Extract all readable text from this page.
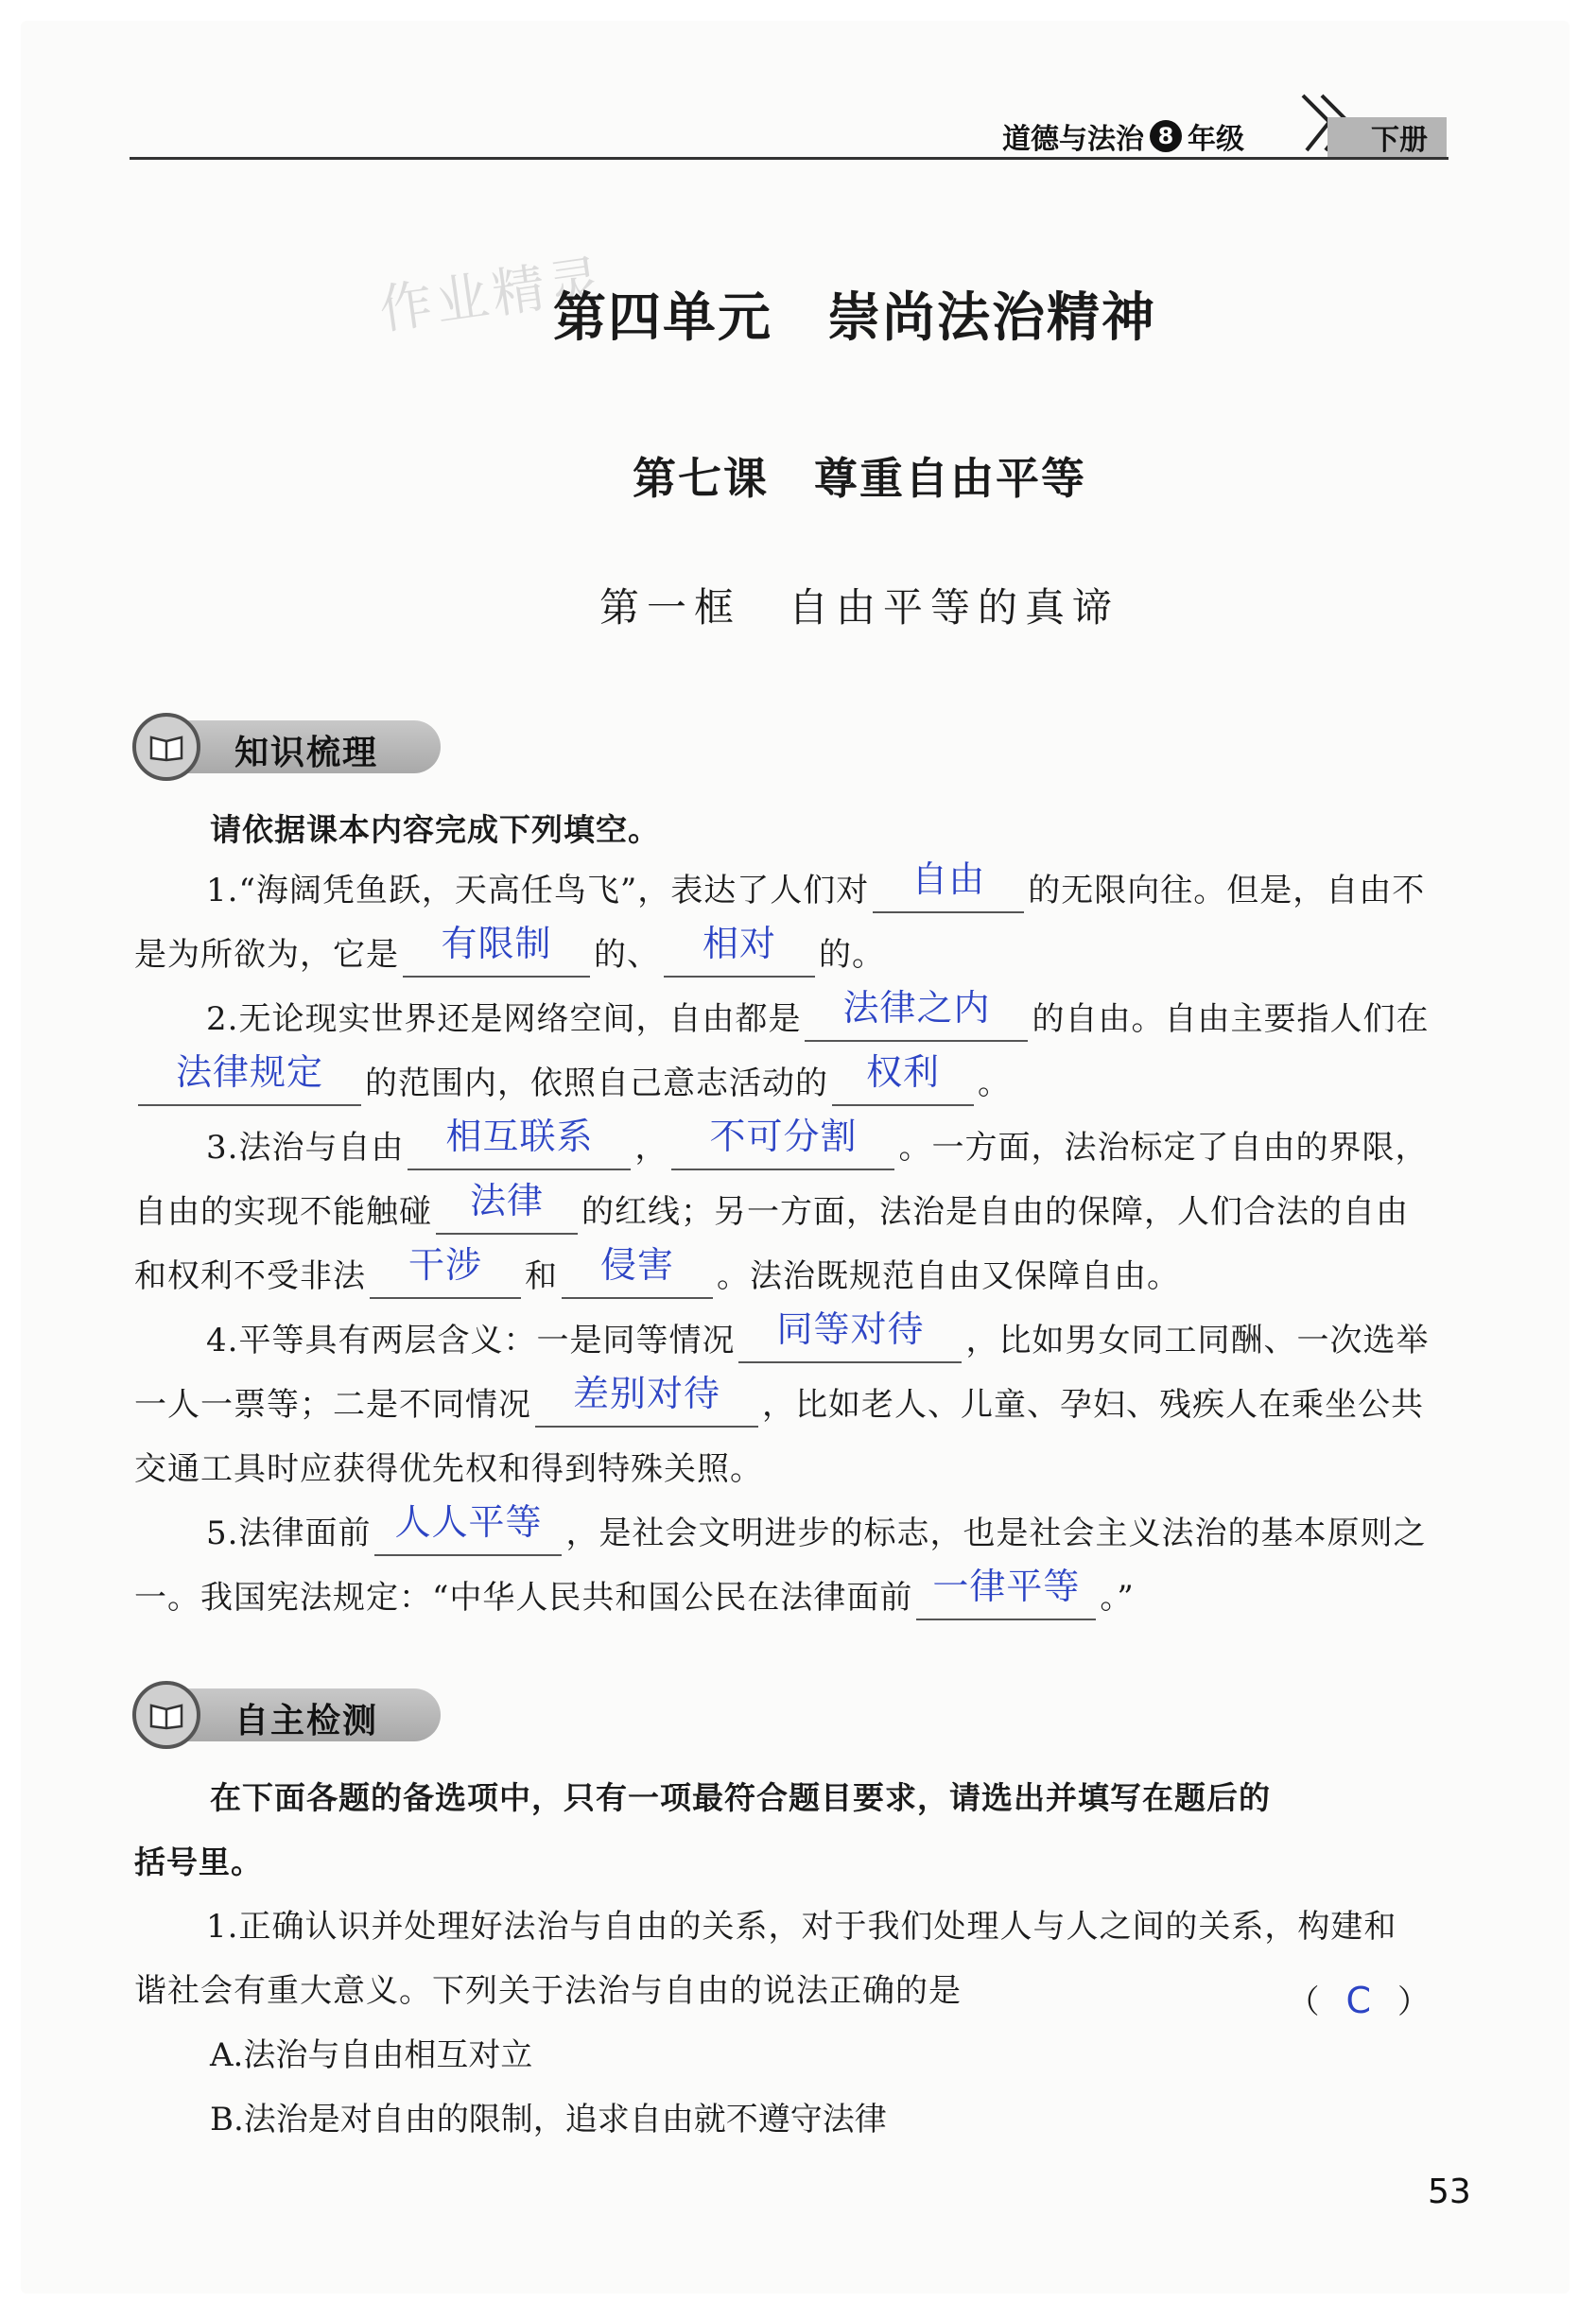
道德与法治 8 年级	下册
作业精灵
第四单元　崇尚法治精神
第七课　尊重自由平等
第一框　自由平等的真谛
知识梳理
请依据课本内容完成下列填空。
1.“海阔凭鱼跃，天高任鸟飞”，表达了人们对 自由 的无限向往。但是，自由不是为所欲为，它是 有限制 的、 相对 的。
2.无论现实世界还是网络空间，自由都是 法律之内 的自由。自由主要指人们在法律规定 的范围内，依照自己意志活动的 权利 。
3.法治与自由 相互联系 ， 不可分割 。一方面，法治标定了自由的界限，自由的实现不能触碰 法律 的红线；另一方面，法治是自由的保障，人们合法的自由和权利不受非法 干涉 和 侵害 。法治既规范自由又保障自由。
4.平等具有两层含义：一是同等情况 同等对待 ，比如男女同工同酬、一次选举一人一票等；二是不同情况 差别对待 ，比如老人、儿童、孕妇、残疾人在乘坐公共交通工具时应获得优先权和得到特殊关照。
5.法律面前 人人平等 ，是社会文明进步的标志，也是社会主义法治的基本原则之一。我国宪法规定：“中华人民共和国公民在法律面前 一律平等 。”
自主检测
在下面各题的备选项中，只有一项最符合题目要求，请选出并填写在题后的
括号里。
1.正确认识并处理好法治与自由的关系，对于我们处理人与人之间的关系，构建和谐社会有重大意义。下列关于法治与自由的说法正确的是	（ C ）
A.法治与自由相互对立
B.法治是对自由的限制，追求自由就不遵守法律
53
